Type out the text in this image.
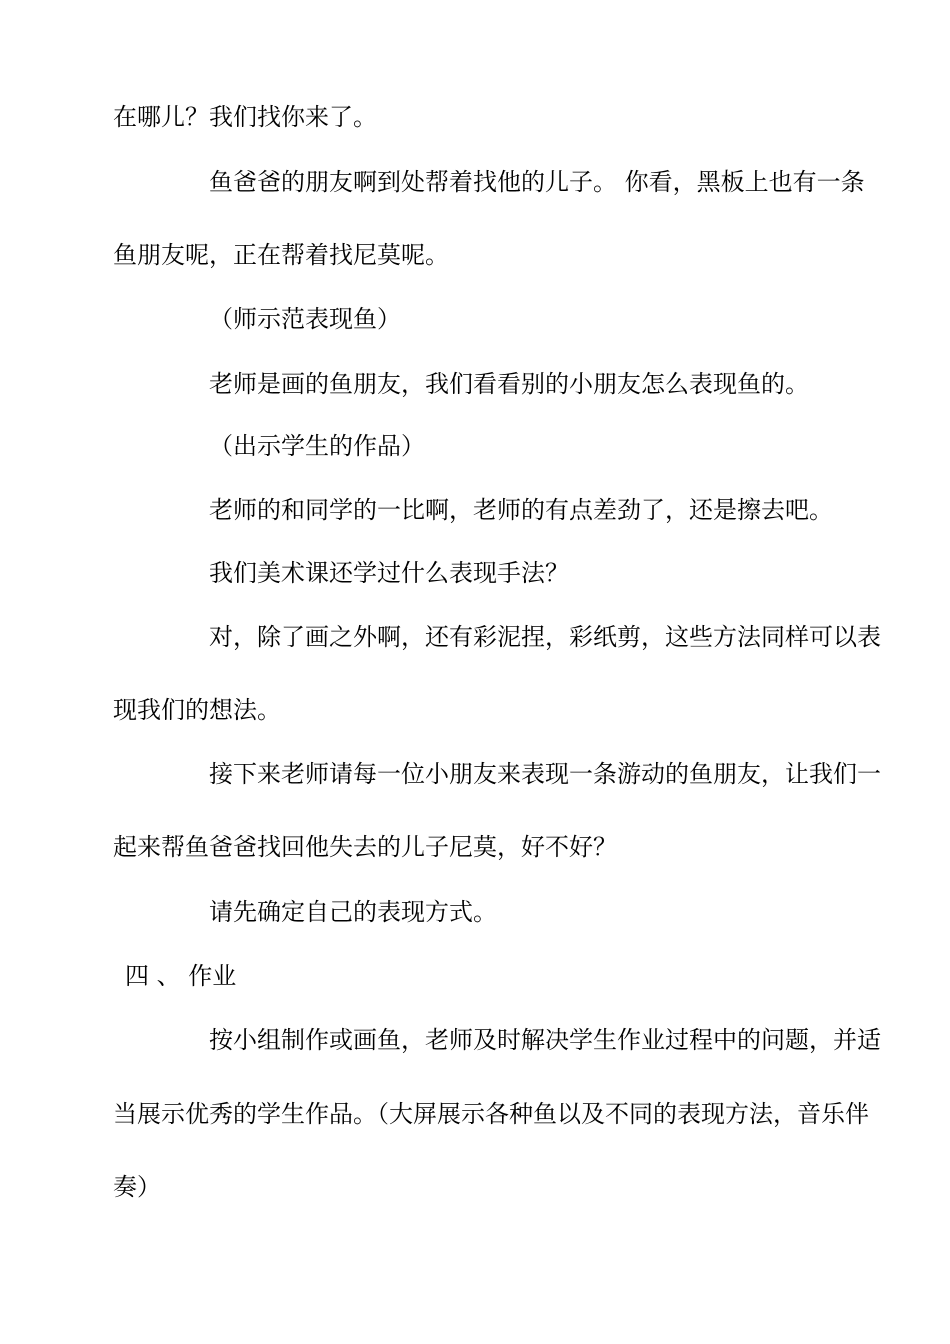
在哪儿？我们找你来了。

鱼爸爸的朋友啊到处帮着找他的儿子。 你看，黑板上也有一条

鱼朋友呢，正在帮着找尼莫呢。

（师示范表现鱼）

老师是画的鱼朋友，我们看看别的小朋友怎么表现鱼的。

（出示学生的作品）

老师的和同学的一比啊，老师的有点差劲了，还是擦去吧。

我们美术课还学过什么表现手法？

对，除了画之外啊，还有彩泥捏，彩纸剪，这些方法同样可以表

现我们的想法。

接下来老师请每一位小朋友来表现一条游动的鱼朋友，让我们一

起来帮鱼爸爸找回他失去的儿子尼莫，好不好？

请先确定自己的表现方式。

四 、 作业

按小组制作或画鱼，老师及时解决学生作业过程中的问题，并适

当展示优秀的学生作品。（大屏展示各种鱼以及不同的表现方法，音乐伴

奏）
